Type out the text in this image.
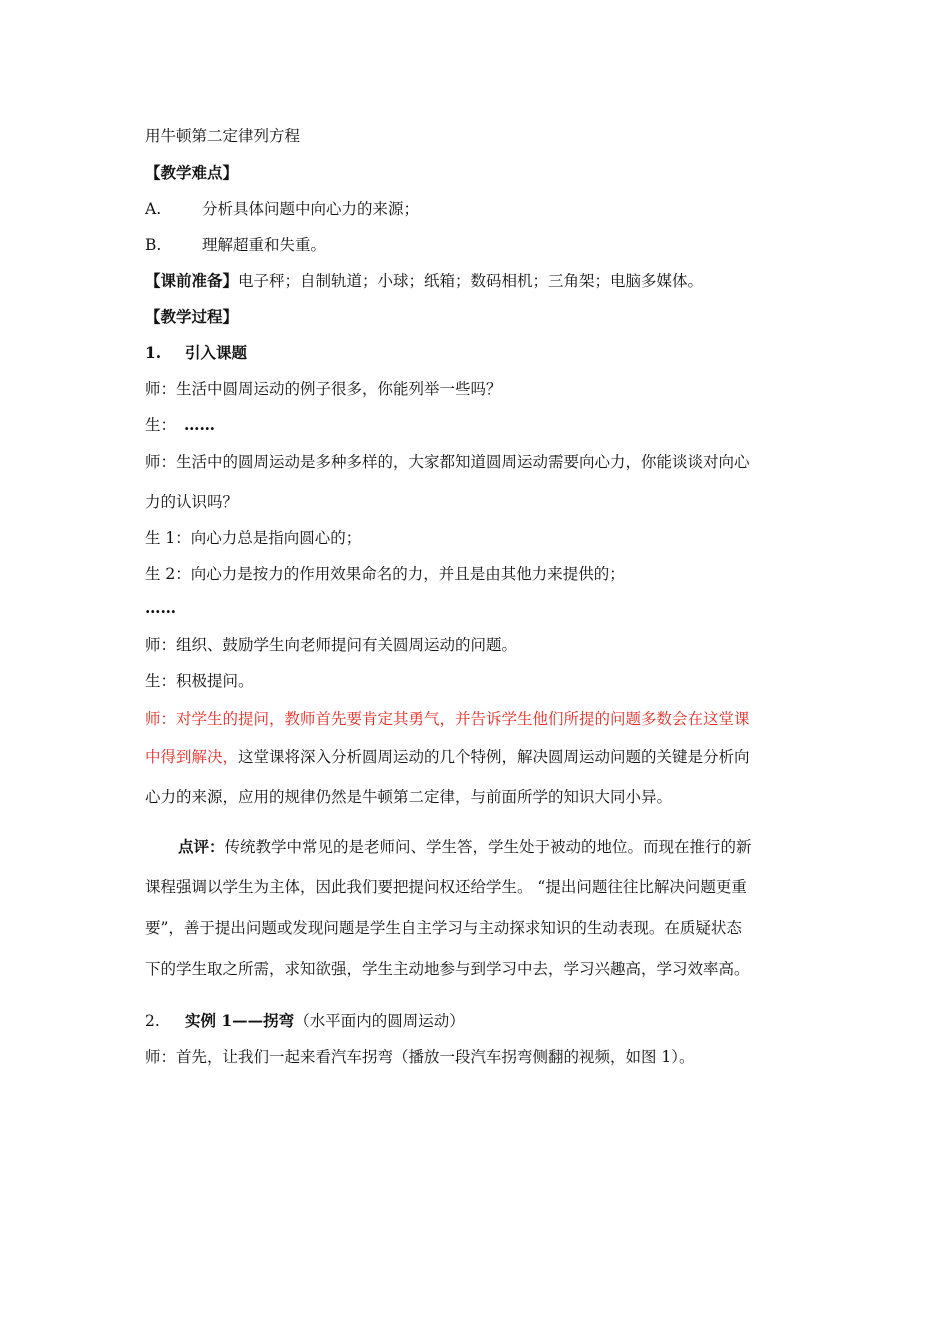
用牛顿第二定律列方程
【教学难点】
A.	分析具体问题中向心力的来源；
B.	理解超重和失重。
【课前准备】电子秤；自制轨道；小球；纸箱；数码相机；三角架；电脑多媒体。
【教学过程】
1. 引入课题
师：生活中圆周运动的例子很多，你能列举一些吗？
生： ……
师：生活中的圆周运动是多种多样的，大家都知道圆周运动需要向心力，你能谈谈对向心
力的认识吗？
生 1：向心力总是指向圆心的；
生 2：向心力是按力的作用效果命名的力，并且是由其他力来提供的；
……
师：组织、鼓励学生向老师提问有关圆周运动的问题。
生：积极提问。
师：对学生的提问，教师首先要肯定其勇气，并告诉学生他们所提的问题多数会在这堂课
中得到解决，这堂课将深入分析圆周运动的几个特例，解决圆周运动问题的关键是分析向
心力的来源，应用的规律仍然是牛顿第二定律，与前面所学的知识大同小异。
点评：传统教学中常见的是老师问、学生答，学生处于被动的地位。而现在推行的新
课程强调以学生为主体，因此我们要把提问权还给学生。 “提出问题往往比解决问题更重
要”，善于提出问题或发现问题是学生自主学习与主动探求知识的生动表现。在质疑状态
下的学生取之所需，求知欲强，学生主动地参与到学习中去，学习兴趣高，学习效率高。
2. 实例 1——拐弯（水平面内的圆周运动）
师：首先，让我们一起来看汽车拐弯（播放一段汽车拐弯侧翻的视频，如图 1）。
